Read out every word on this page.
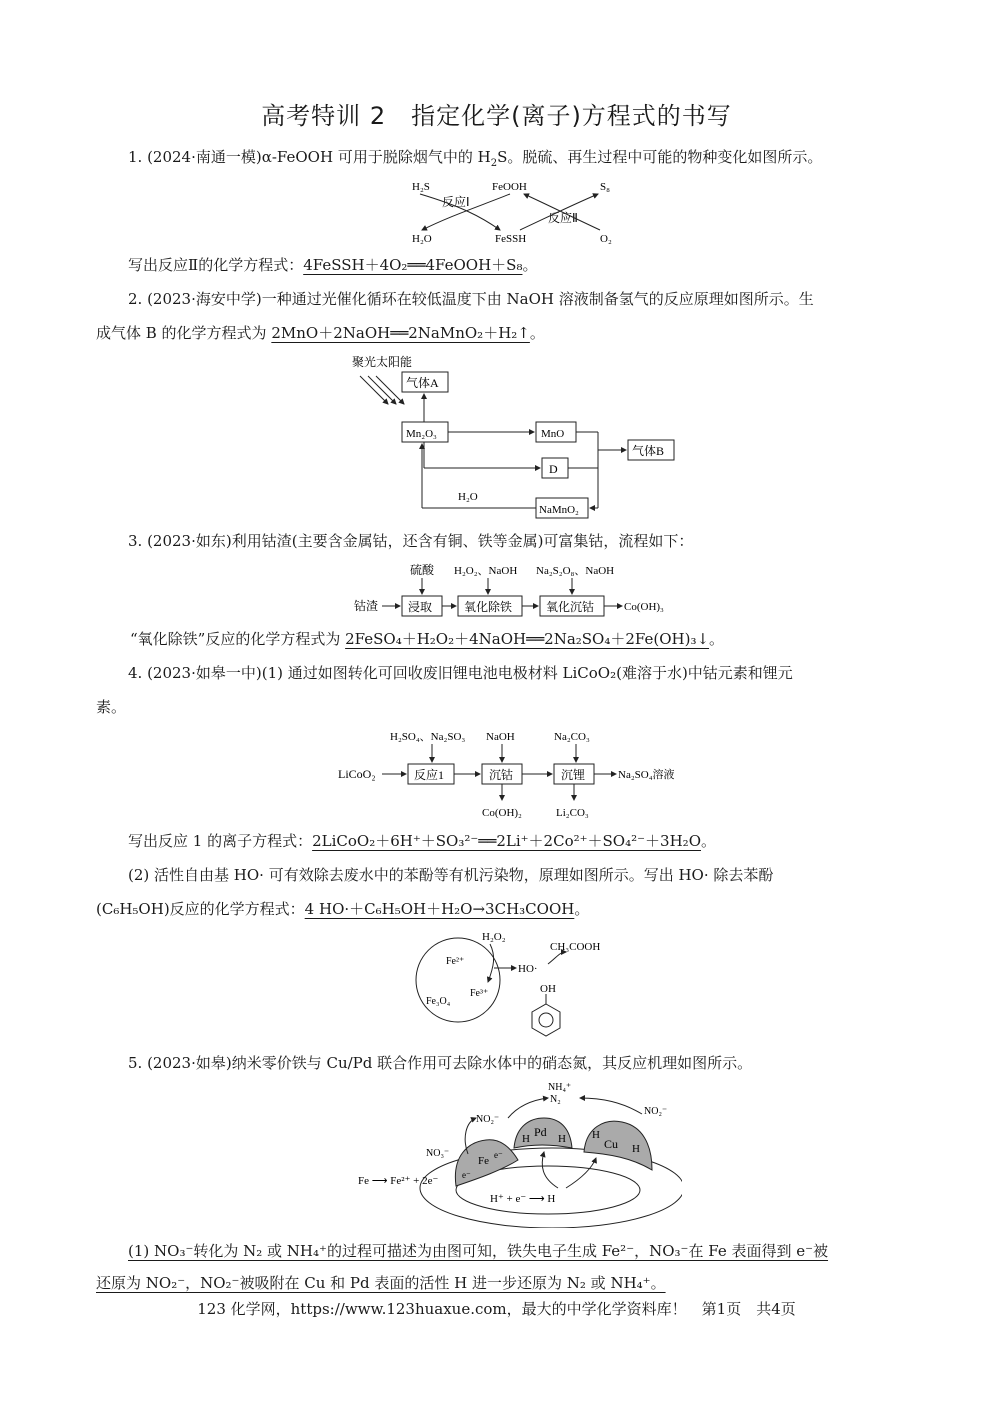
高考特训 2　指定化学(离子)方程式的书写
1. (2024·南通一模)α-FeOOH 可用于脱除烟气中的 $H_2S$。脱硫、再生过程中可能的物种变化如图所示。
H₂S	FeOOH	S₈
反应Ⅰ
反应Ⅱ
H₂O	FeSSH	O₂
写出反应Ⅱ的化学方程式：4FeSSH＋4O₂══4FeOOH＋S₈。
2. (2023·海安中学)一种通过光催化循环在较低温度下由 NaOH 溶液制备氢气的反应原理如图所示。生
成气体 B 的化学方程式为 2MnO＋2NaOH══2NaMnO₂＋H₂↑。
聚光太阳能
气体A
Mn₂O₃	MnO
气体B
D
NaMnO₂
H₂O
3. (2023·如东)利用钴渣(主要含金属钴，还含有铜、铁等金属)可富集钴，流程如下：
硫酸 H₂O₂、NaOH Na₂S₂O₈、NaOH
钴渣 浸取	氧化除铁	氧化沉钴	Co(OH)₃
“氧化除铁”反应的化学方程式为 2FeSO₄＋H₂O₂＋4NaOH══2Na₂SO₄＋2Fe(OH)₃↓。
4. (2023·如皋一中)(1) 通过如图转化可回收废旧锂电池电极材料 LiCoO₂(难溶于水)中钴元素和锂元
素。
H₂SO₄、Na₂SO₃ NaOH	Na₂CO₃
LiCoO₂	反应1	沉钴	沉锂	Na₂SO₄溶液
Co(OH)₂	Li₂CO₃
写出反应 1 的离子方程式：2LiCoO₂＋6H⁺＋SO₃²⁻══2Li⁺＋2Co²⁺＋SO₄²⁻＋3H₂O。
(2) 活性自由基 HO· 可有效除去废水中的苯酚等有机污染物，原理如图所示。写出 HO· 除去苯酚
(C₆H₅OH)反应的化学方程式：4 HO·＋C₆H₅OH＋H₂O→3CH₃COOH。
H₂O₂
CH₃COOH
Fe²⁺
HO·
Fe³⁺
Fe₃O₄
OH
5. (2023·如皋)纳米零价铁与 Cu/Pd 联合作用可去除水体中的硝态氮，其反应机理如图所示。
NH₄⁺
N₂
NO₂⁻
NO₂⁻
NO₃⁻
Pd
H	H	Cu
H
H
Fe e⁻
e⁻
Fe ⟶ Fe²⁺ + 2e⁻
H⁺ + e⁻ ⟶ H
(1) NO₃⁻转化为 N₂ 或 NH₄⁺的过程可描述为由图可知，铁失电子生成 Fe²⁻，NO₃⁻在 Fe 表面得到 e⁻被
还原为 NO₂⁻，NO₂⁻被吸附在 Cu 和 Pd 表面的活性 H 进一步还原为 N₂ 或 NH₄⁺。
123 化学网，https://www.123huaxue.com，最大的中学化学资料库！　第1页　共4页
